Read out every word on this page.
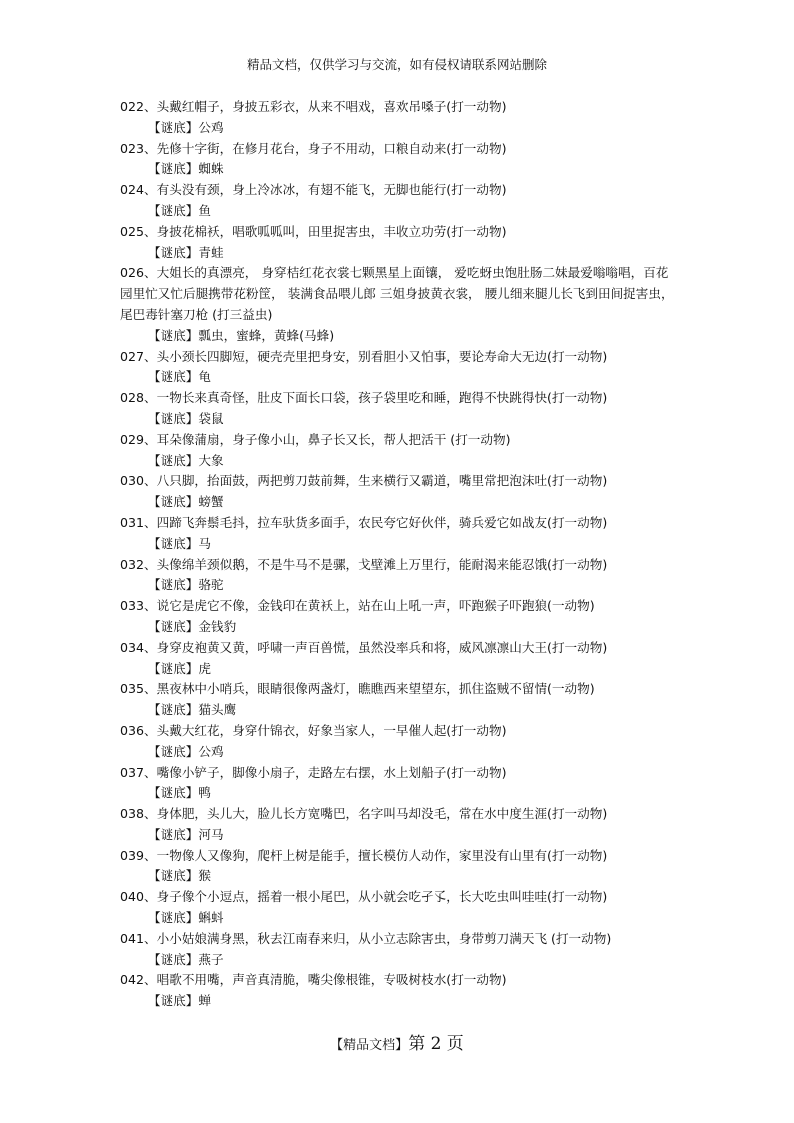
精品文档，仅供学习与交流，如有侵权请联系网站删除
022、头戴红帽子，身披五彩衣，从来不唱戏，喜欢吊嗓子(打一动物)
【谜底】公鸡
023、先修十字街，在修月花台，身子不用动，口粮自动来(打一动物)
【谜底】蜘蛛
024、有头没有颈，身上冷冰冰，有翅不能飞，无脚也能行(打一动物)
【谜底】鱼
025、身披花棉袄，唱歌呱呱叫，田里捉害虫，丰收立功劳(打一动物)
【谜底】青蛙
026、大姐长的真漂亮， 身穿桔红花衣裳七颗黑星上面镶， 爱吃蚜虫饱肚肠二妹最爱嗡嗡唱，百花园里忙又忙后腿携带花粉筐， 装满食品喂儿郎 三姐身披黄衣裳， 腰儿细来腿儿长飞到田间捉害虫， 尾巴毒针塞刀枪 (打三益虫)
【谜底】瓢虫，蜜蜂，黄蜂(马蜂)
027、头小颈长四脚短，硬壳壳里把身安，别看胆小又怕事，要论寿命大无边(打一动物)
【谜底】龟
028、一物长来真奇怪，肚皮下面长口袋，孩子袋里吃和睡，跑得不快跳得快(打一动物)
【谜底】袋鼠
029、耳朵像蒲扇，身子像小山，鼻子长又长，帮人把活干 (打一动物)
【谜底】大象
030、八只脚，抬面鼓，两把剪刀鼓前舞，生来横行又霸道，嘴里常把泡沫吐(打一动物)
【谜底】螃蟹
031、四蹄飞奔鬃毛抖，拉车驮货多面手，农民夸它好伙伴，骑兵爱它如战友(打一动物)
【谜底】马
032、头像绵羊颈似鹅，不是牛马不是骡，戈壁滩上万里行，能耐渴来能忍饿(打一动物)
【谜底】骆驼
033、说它是虎它不像，金钱印在黄袄上，站在山上吼一声，吓跑猴子吓跑狼(一动物)
【谜底】金钱豹
034、身穿皮袍黄又黄，呼啸一声百兽慌，虽然没率兵和将，威风凛凛山大王(打一动物)
【谜底】虎
035、黑夜林中小哨兵，眼睛很像两盏灯，瞧瞧西来望望东，抓住盗贼不留情(一动物)
【谜底】猫头鹰
036、头戴大红花，身穿什锦衣，好象当家人，一早催人起(打一动物)
【谜底】公鸡
037、嘴像小铲子，脚像小扇子，走路左右摆，水上划船子(打一动物)
【谜底】鸭
038、身体肥，头儿大，脸儿长方宽嘴巴，名字叫马却没毛，常在水中度生涯(打一动物)
【谜底】河马
039、一物像人又像狗，爬杆上树是能手，擅长模仿人动作，家里没有山里有(打一动物)
【谜底】猴
040、身子像个小逗点，摇着一根小尾巴，从小就会吃孑孓，长大吃虫叫哇哇(打一动物)
【谜底】蝌蚪
041、小小姑娘满身黑，秋去江南春来归，从小立志除害虫，身带剪刀满天飞 (打一动物)
【谜底】燕子
042、唱歌不用嘴，声音真清脆，嘴尖像根锥，专吸树枝水(打一动物)
【谜底】蝉
【精品文档】第 2 页
